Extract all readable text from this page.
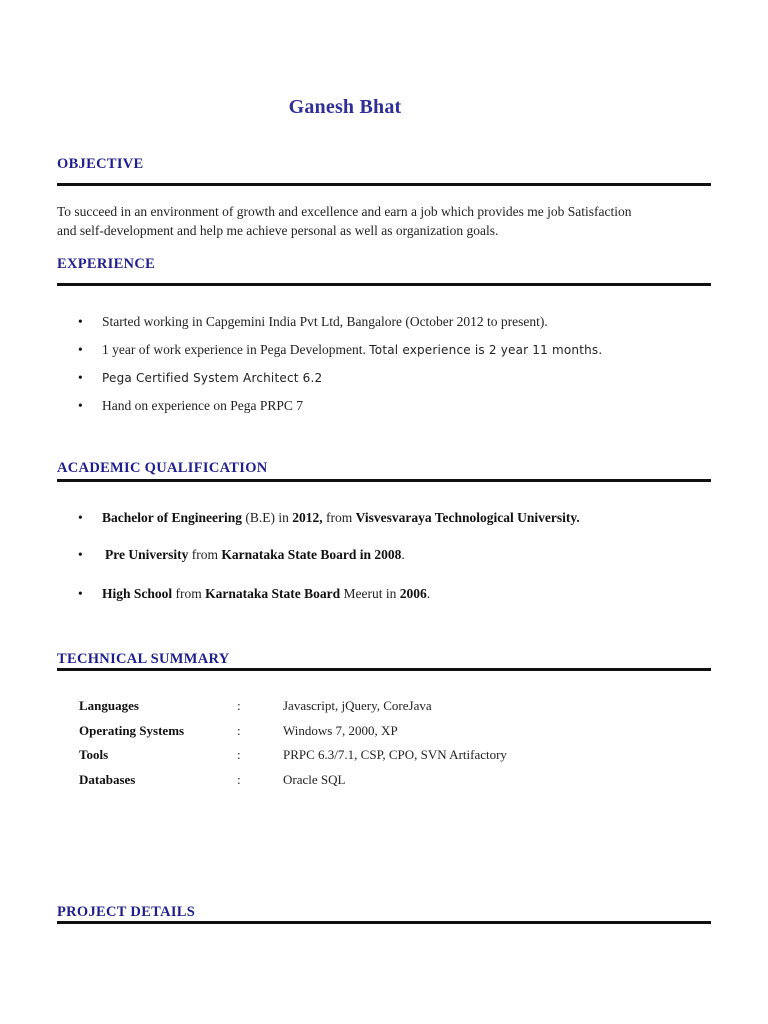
Ganesh Bhat
OBJECTIVE
To succeed in an environment of growth and excellence and earn a job which provides me job Satisfaction
and self-development and help me achieve personal as well as organization goals.
EXPERIENCE
• Started working in Capgemini India Pvt Ltd, Bangalore (October 2012 to present).
• 1 year of work experience in Pega Development. Total experience is 2 year 11 months.
• Pega Certified System Architect 6.2
• Hand on experience on Pega PRPC 7
ACADEMIC QUALIFICATION
• Bachelor of Engineering (B.E) in 2012, from Visvesvaraya Technological University.
• Pre University from Karnataka State Board in 2008.
• High School from Karnataka State Board Meerut in 2006.
TECHNICAL SUMMARY
Languages	:	Javascript, jQuery, CoreJava
Operating Systems	:	Windows 7, 2000, XP
Tools	:	PRPC 6.3/7.1, CSP, CPO, SVN Artifactory
Databases	:	Oracle SQL
PROJECT DETAILS
